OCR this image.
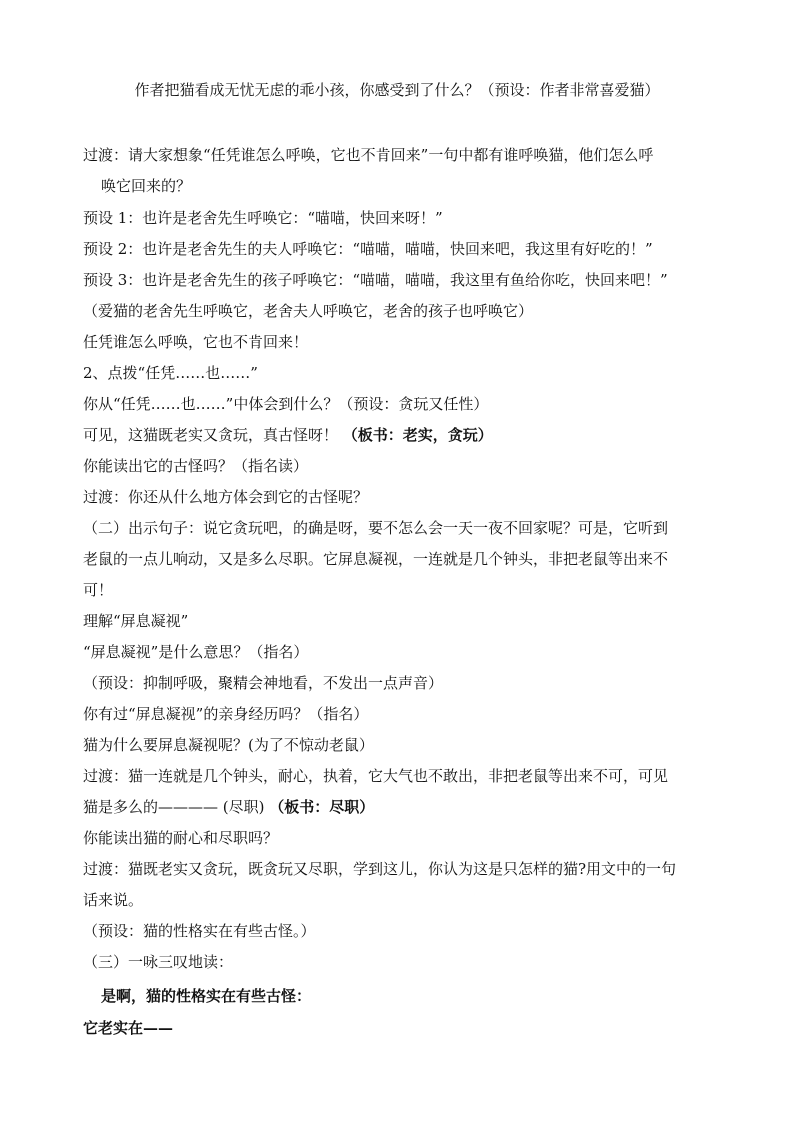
作者把猫看成无忧无虑的乖小孩，你感受到了什么？（预设：作者非常喜爱猫）
过渡：请大家想象“任凭谁怎么呼唤，它也不肯回来”一句中都有谁呼唤猫，他们怎么呼
唤它回来的？
预设 1：也许是老舍先生呼唤它：“喵喵，快回来呀！”
预设 2：也许是老舍先生的夫人呼唤它：“喵喵，喵喵，快回来吧，我这里有好吃的！”
预设 3：也许是老舍先生的孩子呼唤它：“喵喵，喵喵，我这里有鱼给你吃，快回来吧！”
（爱猫的老舍先生呼唤它，老舍夫人呼唤它，老舍的孩子也呼唤它）
任凭谁怎么呼唤，它也不肯回来！
2、点拨“任凭……也……”
你从“任凭……也……”中体会到什么？（预设：贪玩又任性）
可见，这猫既老实又贪玩，真古怪呀！ （板书：老实，贪玩）
你能读出它的古怪吗？（指名读）
过渡：你还从什么地方体会到它的古怪呢？
（二）出示句子：说它贪玩吧，的确是呀，要不怎么会一天一夜不回家呢？可是，它听到
老鼠的一点儿响动，又是多么尽职。它屏息凝视，一连就是几个钟头，非把老鼠等出来不
可！
理解“屏息凝视”
“屏息凝视”是什么意思？（指名）
（预设：抑制呼吸，聚精会神地看，不发出一点声音）
你有过“屏息凝视”的亲身经历吗？（指名）
猫为什么要屏息凝视呢？(为了不惊动老鼠）
过渡：猫一连就是几个钟头，耐心，执着，它大气也不敢出，非把老鼠等出来不可，可见
猫是多么的———— (尽职) （板书：尽职）
你能读出猫的耐心和尽职吗？
过渡：猫既老实又贪玩，既贪玩又尽职，学到这儿，你认为这是只怎样的猫?用文中的一句
话来说。
（预设：猫的性格实在有些古怪。）
（三）一咏三叹地读：
是啊，猫的性格实在有些古怪：
它老实在——
